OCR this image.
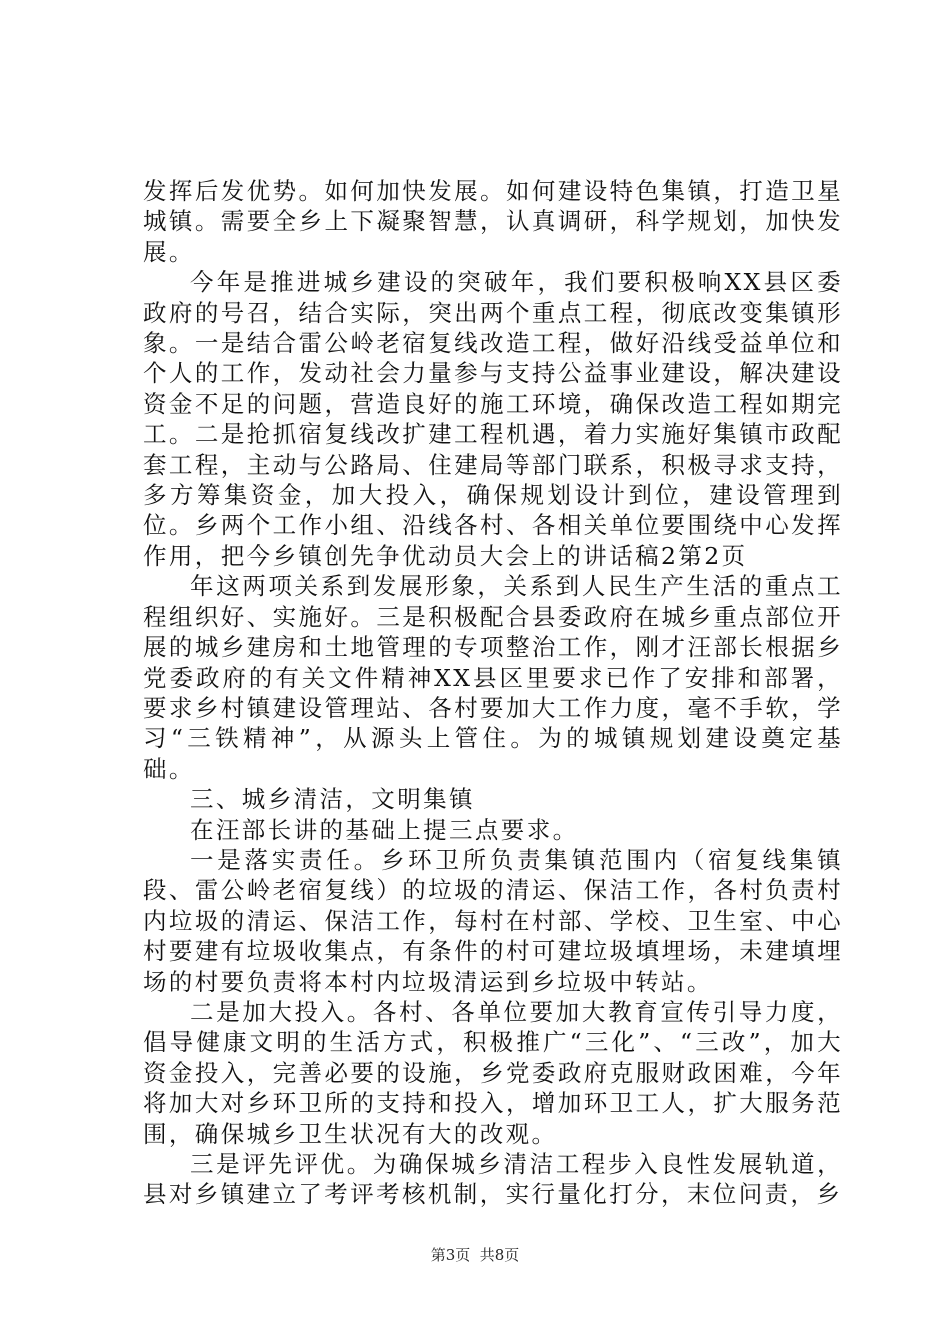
发挥后发优势。如何加快发展。如何建设特色集镇，打造卫星城镇。需要全乡上下凝聚智慧，认真调研，科学规划，加快发展。

今年是推进城乡建设的突破年，我们要积极响XX县区委政府的号召，结合实际，突出两个重点工程，彻底改变集镇形象。一是结合雷公岭老宿复线改造工程，做好沿线受益单位和个人的工作，发动社会力量参与支持公益事业建设，解决建设资金不足的问题，营造良好的施工环境，确保改造工程如期完工。二是抢抓宿复线改扩建工程机遇，着力实施好集镇市政配套工程，主动与公路局、住建局等部门联系，积极寻求支持，多方筹集资金，加大投入，确保规划设计到位，建设管理到位。乡两个工作小组、沿线各村、各相关单位要围绕中心发挥作用，把今乡镇创先争优动员大会上的讲话稿2第2页

年这两项关系到发展形象，关系到人民生产生活的重点工程组织好、实施好。三是积极配合县委政府在城乡重点部位开展的城乡建房和土地管理的专项整治工作，刚才汪部长根据乡党委政府的有关文件精神XX县区里要求已作了安排和部署，要求乡村镇建设管理站、各村要加大工作力度，毫不手软，学习“三铁精神”，从源头上管住。为的城镇规划建设奠定基础。

三、城乡清洁，文明集镇

在汪部长讲的基础上提三点要求。

一是落实责任。乡环卫所负责集镇范围内（宿复线集镇段、雷公岭老宿复线）的垃圾的清运、保洁工作，各村负责村内垃圾的清运、保洁工作，每村在村部、学校、卫生室、中心村要建有垃圾收集点，有条件的村可建垃圾填埋场，未建填埋场的村要负责将本村内垃圾清运到乡垃圾中转站。

二是加大投入。各村、各单位要加大教育宣传引导力度，倡导健康文明的生活方式，积极推广“三化”、“三改”，加大资金投入，完善必要的设施，乡党委政府克服财政困难，今年将加大对乡环卫所的支持和投入，增加环卫工人，扩大服务范围，确保城乡卫生状况有大的改观。

三是评先评优。为确保城乡清洁工程步入良性发展轨道，县对乡镇建立了考评考核机制，实行量化打分，末位问责，乡

第3页  共8页
